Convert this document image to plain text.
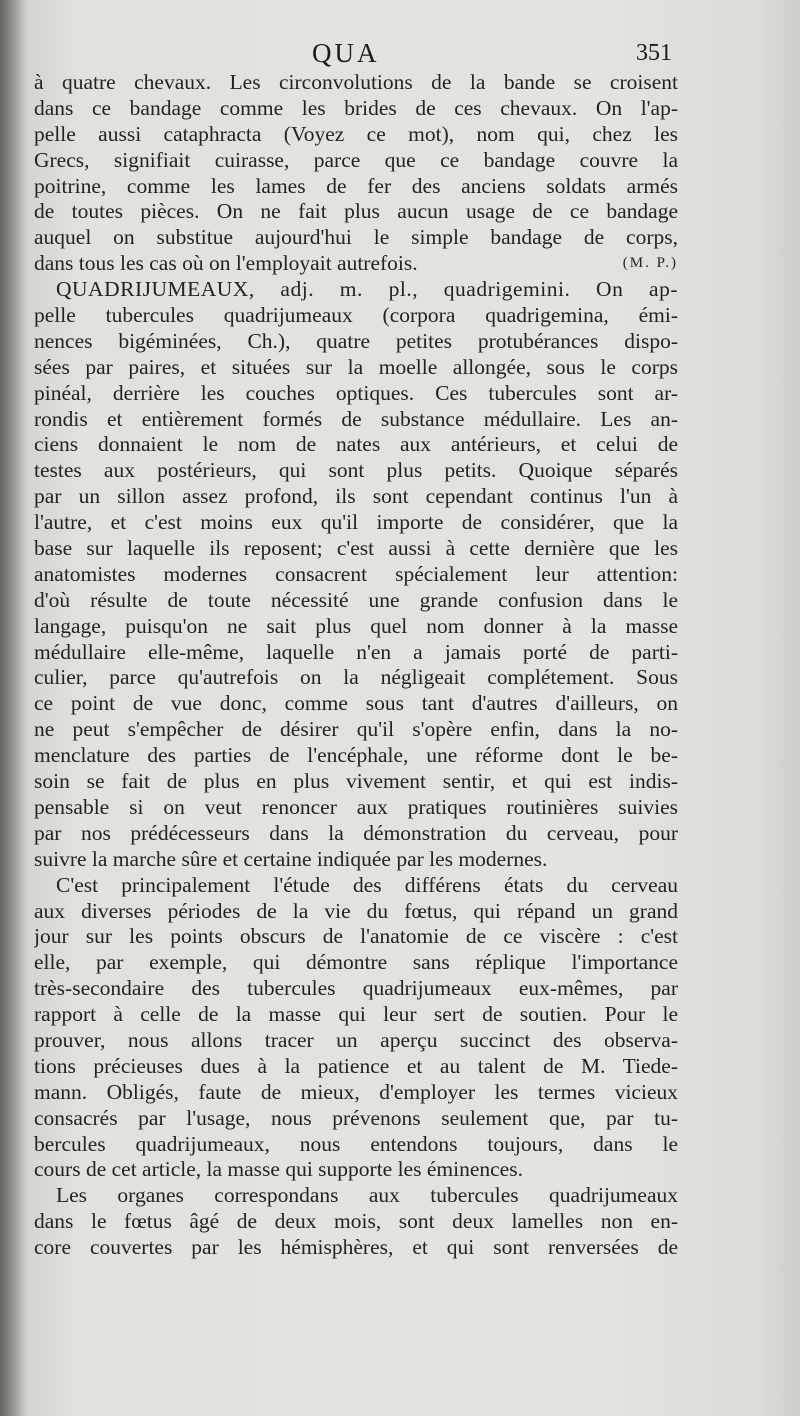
QUA	351
à quatre chevaux. Les circonvolutions de la bande se croisent
dans ce bandage comme les brides de ces chevaux. On l'ap-
pelle aussi cataphracta (Voyez ce mot), nom qui, chez les
Grecs, signifiait cuirasse, parce que ce bandage couvre la
poitrine, comme les lames de fer des anciens soldats armés
de toutes pièces. On ne fait plus aucun usage de ce bandage
auquel on substitue aujourd'hui le simple bandage de corps,
(M. P.)
dans tous les cas où on l'employait autrefois.
QUADRIJUMEAUX, adj. m. pl., quadrigemini. On ap-
pelle tubercules quadrijumeaux (corpora quadrigemina, émi-
nences bigéminées, Ch.), quatre petites protubérances dispo-
sées par paires, et situées sur la moelle allongée, sous le corps
pinéal, derrière les couches optiques. Ces tubercules sont ar-
rondis et entièrement formés de substance médullaire. Les an-
ciens donnaient le nom de nates aux antérieurs, et celui de
testes aux postérieurs, qui sont plus petits. Quoique séparés
par un sillon assez profond, ils sont cependant continus l'un à
l'autre, et c'est moins eux qu'il importe de considérer, que la
base sur laquelle ils reposent; c'est aussi à cette dernière que les
anatomistes modernes consacrent spécialement leur attention:
d'où résulte de toute nécessité une grande confusion dans le
langage, puisqu'on ne sait plus quel nom donner à la masse
médullaire elle-même, laquelle n'en a jamais porté de parti-
culier, parce qu'autrefois on la négligeait complétement. Sous
ce point de vue donc, comme sous tant d'autres d'ailleurs, on
ne peut s'empêcher de désirer qu'il s'opère enfin, dans la no-
menclature des parties de l'encéphale, une réforme dont le be-
soin se fait de plus en plus vivement sentir, et qui est indis-
pensable si on veut renoncer aux pratiques routinières suivies
par nos prédécesseurs dans la démonstration du cerveau, pour
suivre la marche sûre et certaine indiquée par les modernes.
C'est principalement l'étude des différens états du cerveau
aux diverses périodes de la vie du fœtus, qui répand un grand
jour sur les points obscurs de l'anatomie de ce viscère : c'est
elle, par exemple, qui démontre sans réplique l'importance
très-secondaire des tubercules quadrijumeaux eux-mêmes, par
rapport à celle de la masse qui leur sert de soutien. Pour le
prouver, nous allons tracer un aperçu succinct des observa-
tions précieuses dues à la patience et au talent de M. Tiede-
mann. Obligés, faute de mieux, d'employer les termes vicieux
consacrés par l'usage, nous prévenons seulement que, par tu-
bercules quadrijumeaux, nous entendons toujours, dans le
cours de cet article, la masse qui supporte les éminences.
Les organes correspondans aux tubercules quadrijumeaux
dans le fœtus âgé de deux mois, sont deux lamelles non en-
core couvertes par les hémisphères, et qui sont renversées de
